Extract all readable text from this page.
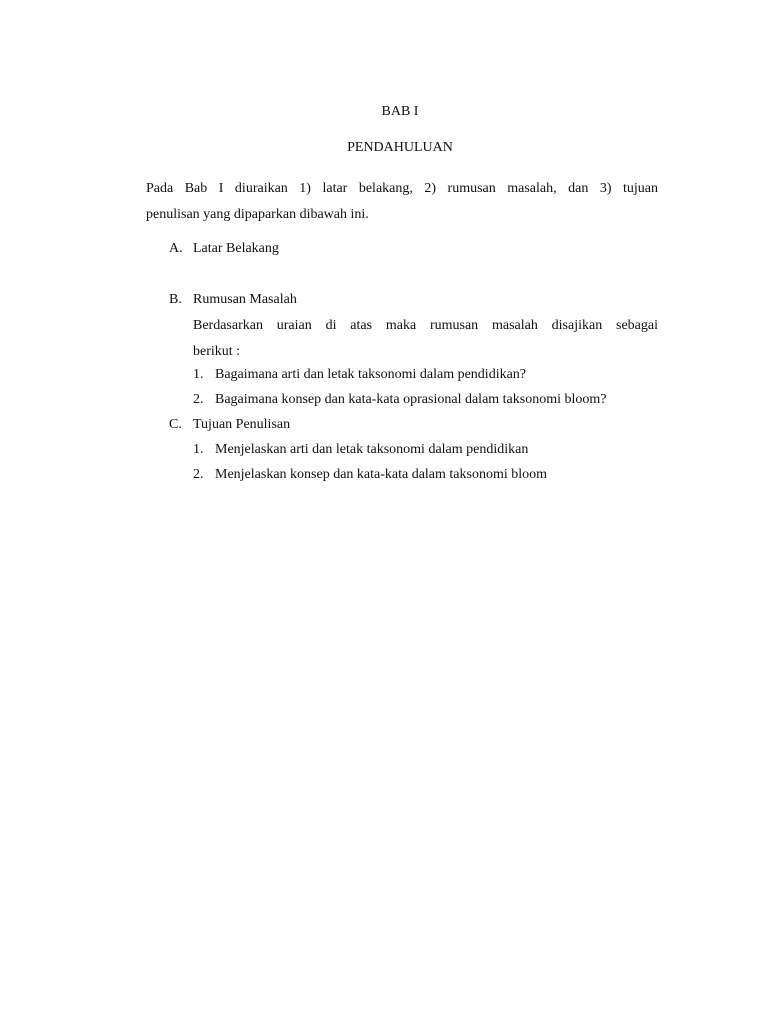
BAB I
PENDAHULUAN
Pada Bab I diuraikan 1) latar belakang, 2) rumusan masalah, dan 3) tujuan
penulisan yang dipaparkan dibawah ini.
A. Latar Belakang
B. Rumusan Masalah
Berdasarkan uraian di atas maka rumusan masalah disajikan sebagai
berikut :
1. Bagaimana arti dan letak taksonomi dalam pendidikan?
2. Bagaimana konsep dan kata-kata oprasional dalam taksonomi bloom?
C. Tujuan Penulisan
1. Menjelaskan arti dan letak taksonomi dalam pendidikan
2. Menjelaskan konsep dan kata-kata dalam taksonomi bloom
